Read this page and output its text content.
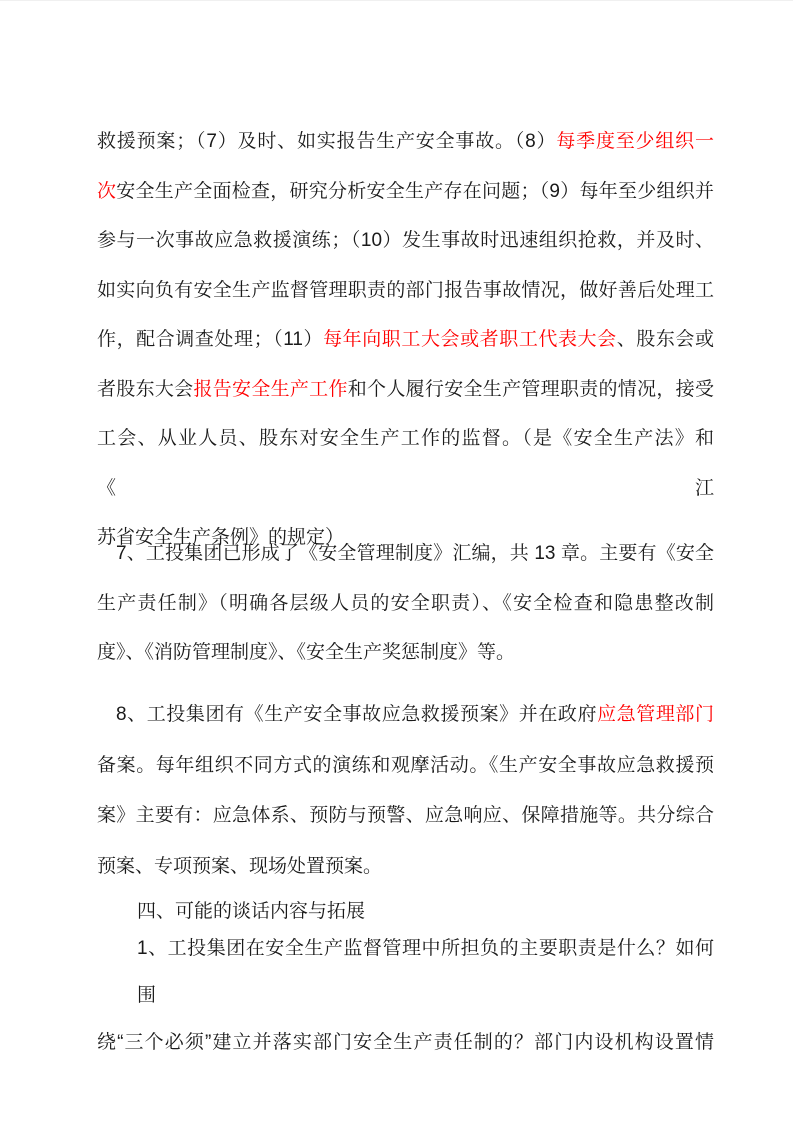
救援预案；（7）及时、如实报告生产安全事故。（8）每季度至少组织一
次安全生产全面检查，研究分析安全生产存在问题；（9）每年至少组织并
参与一次事故应急救援演练；（10）发生事故时迅速组织抢救，并及时、
如实向负有安全生产监督管理职责的部门报告事故情况，做好善后处理工
作，配合调查处理；（11）每年向职工大会或者职工代表大会、股东会或
者股东大会报告安全生产工作和个人履行安全生产管理职责的情况，接受
工会、从业人员、股东对安全生产工作的监督。（是《安全生产法》和《江
苏省安全生产条例》的规定）
7、工投集团已形成了《安全管理制度》汇编，共 13 章。主要有《安全
生产责任制》（明确各层级人员的安全职责）、《安全检查和隐患整改制
度》、《消防管理制度》、《安全生产奖惩制度》等。
8、工投集团有《生产安全事故应急救援预案》并在政府应急管理部门
备案。每年组织不同方式的演练和观摩活动。《生产安全事故应急救援预
案》主要有：应急体系、预防与预警、应急响应、保障措施等。共分综合
预案、专项预案、现场处置预案。
四、可能的谈话内容与拓展
1、工投集团在安全生产监督管理中所担负的主要职责是什么？如何围
绕“三个必须”建立并落实部门安全生产责任制的？部门内设机构设置情
